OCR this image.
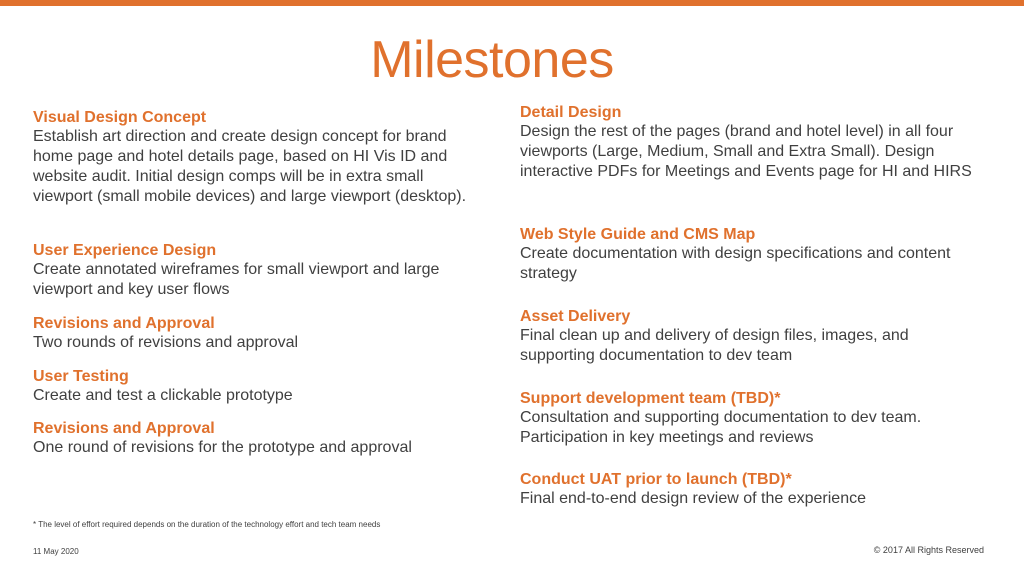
Milestones

Visual Design Concept

Establish art direction and create design concept for brand home page and hotel details page, based on HI Vis ID and website audit. Initial design comps will be in extra small viewport (small mobile devices) and large viewport (desktop).

User Experience Design

Create annotated wireframes for small viewport and large viewport and key user flows

Revisions and Approval

Two rounds of revisions and approval

User Testing

Create and test a clickable prototype

Revisions and Approval

One round of revisions for the prototype and approval

Detail Design

Design the rest of the pages (brand and hotel level) in all four viewports (Large, Medium, Small and Extra Small). Design interactive PDFs for Meetings and Events page for HI and HIRS

Web Style Guide and CMS Map

Create documentation with design specifications and content strategy

Asset Delivery

Final clean up and delivery of design files, images, and supporting documentation to dev team

Support development team (TBD)*

Consultation and supporting documentation to dev team. Participation in key meetings and reviews

Conduct UAT prior to launch (TBD)*

Final end-to-end design review of the experience

* The level of effort required depends on the duration of the technology effort and tech team needs
11 May 2020	© 2017 All Rights Reserved
